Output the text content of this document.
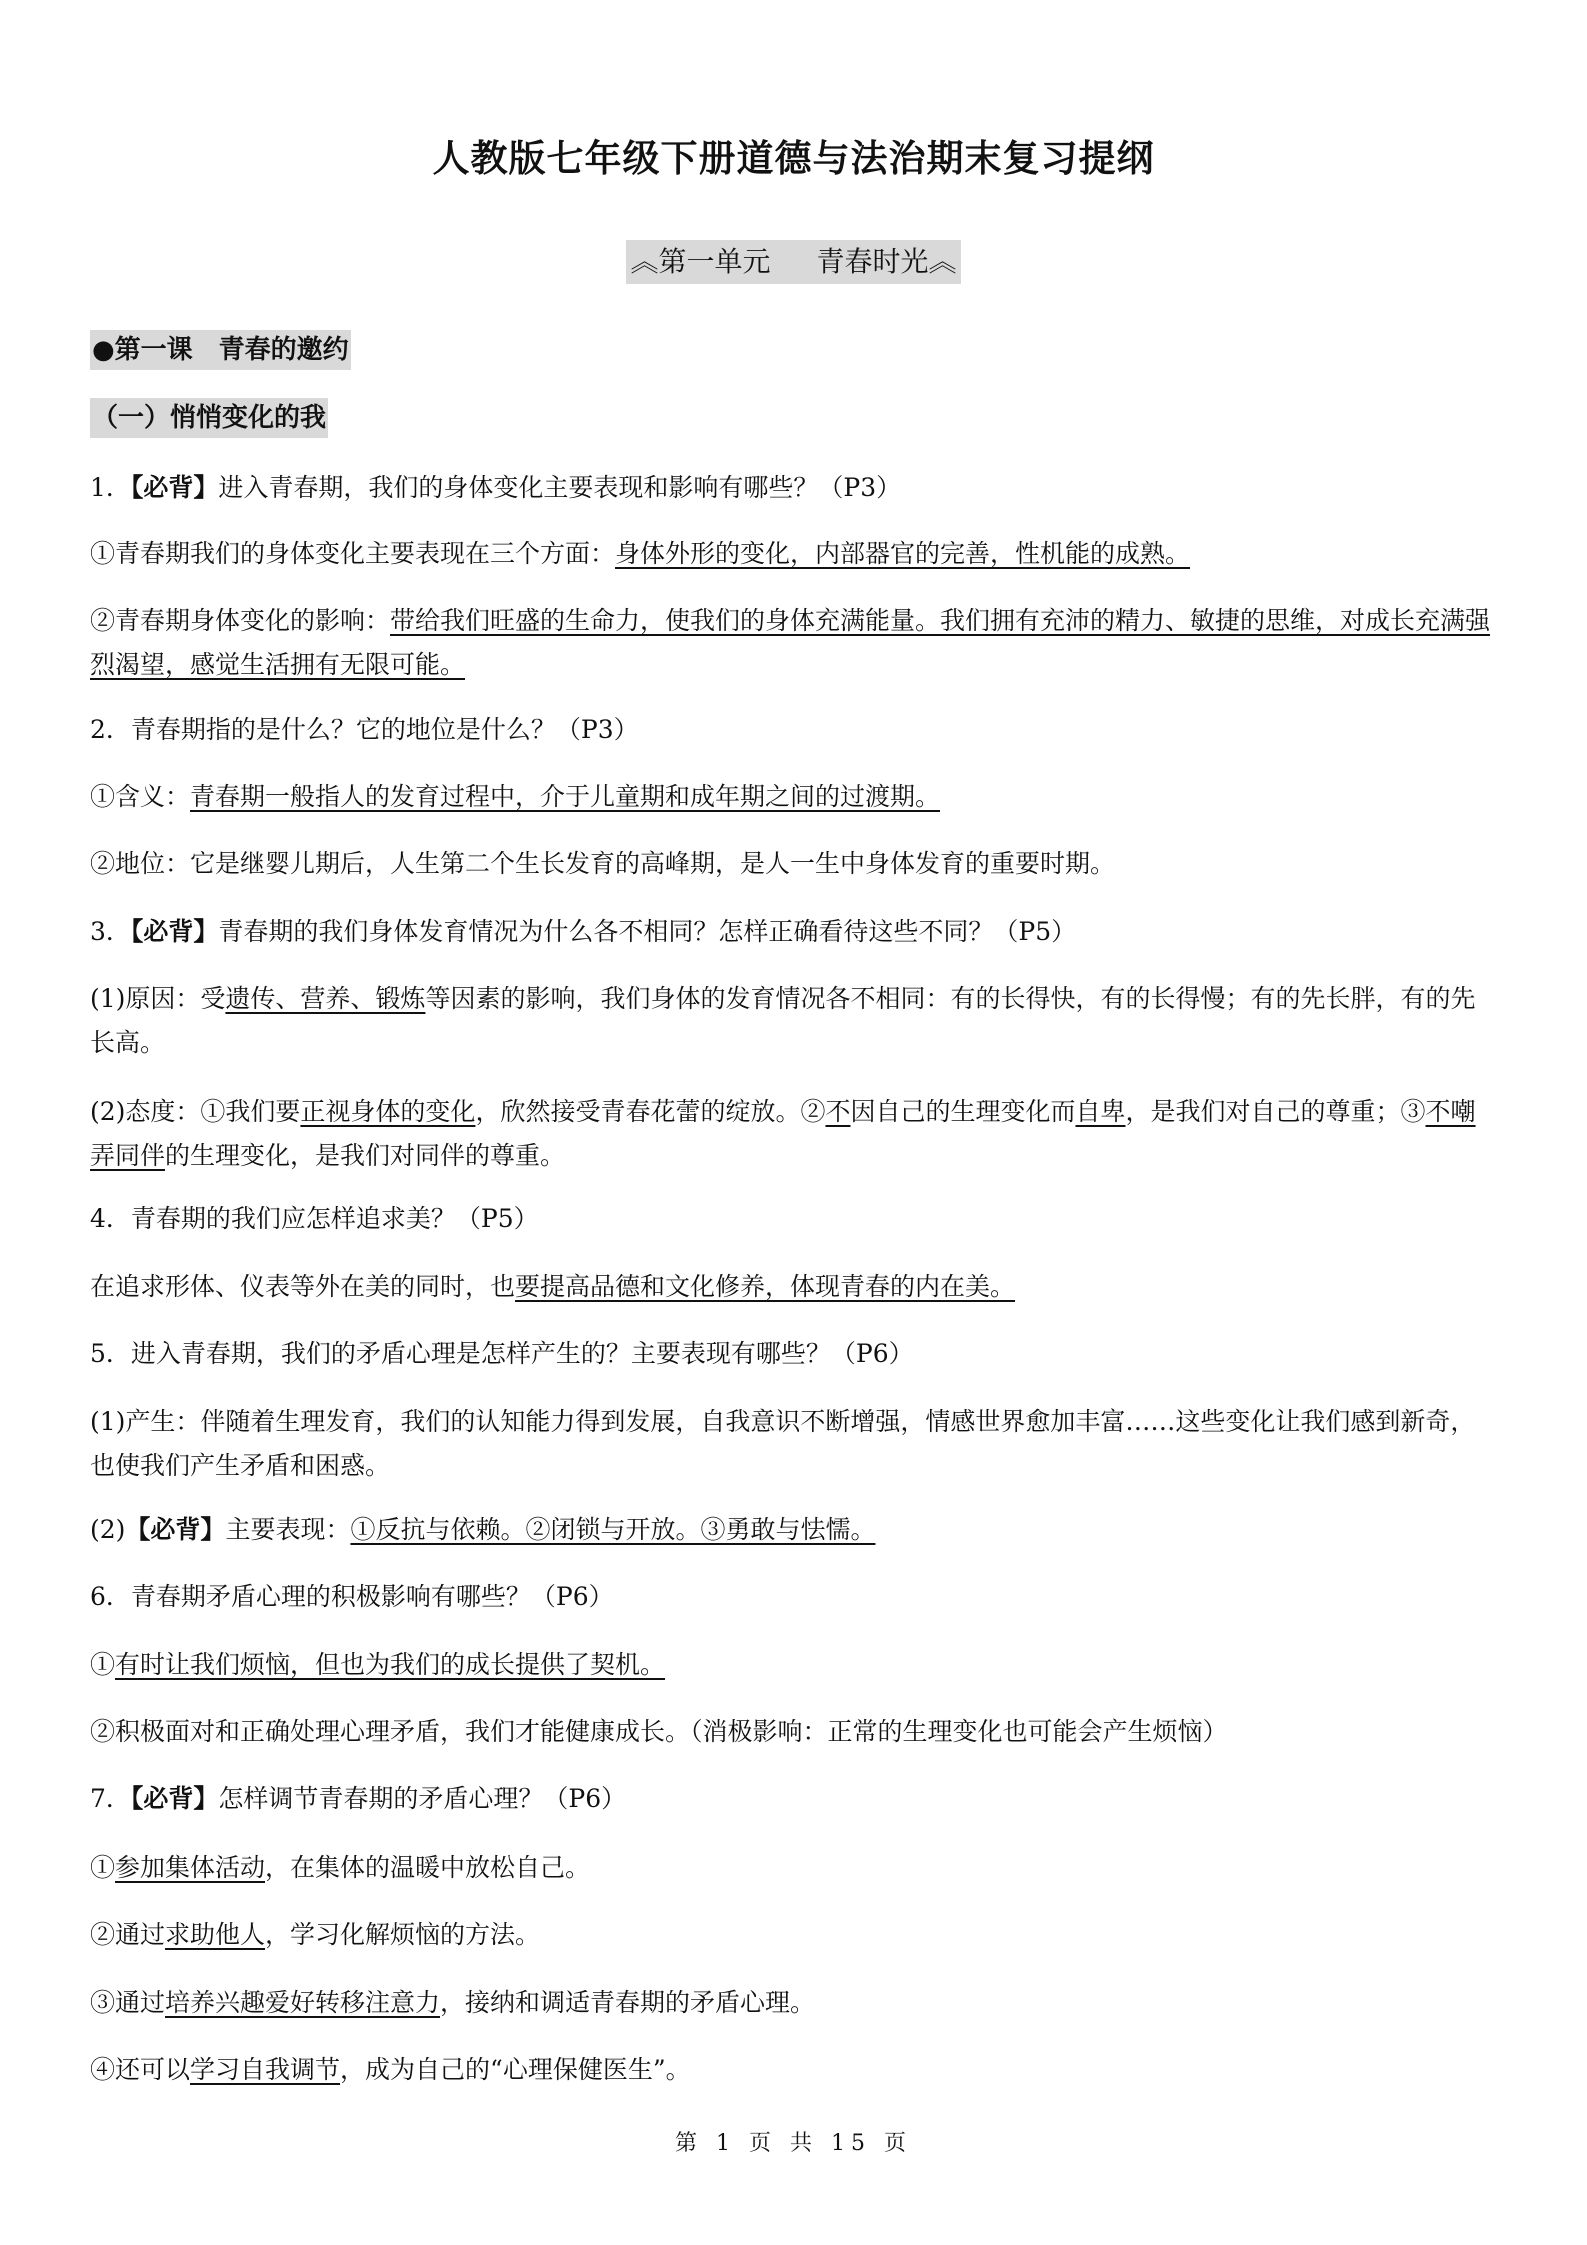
人教版七年级下册道德与法治期末复习提纲
︽第一单元 青春时光︽
●第一课　青春的邀约
（一）悄悄变化的我
1．【必背】进入青春期，我们的身体变化主要表现和影响有哪些？（P3）
①青春期我们的身体变化主要表现在三个方面：身体外形的变化，内部器官的完善，性机能的成熟。
②青春期身体变化的影响：带给我们旺盛的生命力，使我们的身体充满能量。我们拥有充沛的精力、敏捷的思维，对成长充满强烈渴望，感觉生活拥有无限可能。
2．青春期指的是什么？它的地位是什么？（P3）
①含义：青春期一般指人的发育过程中，介于儿童期和成年期之间的过渡期。
②地位：它是继婴儿期后，人生第二个生长发育的高峰期，是人一生中身体发育的重要时期。
3．【必背】青春期的我们身体发育情况为什么各不相同？怎样正确看待这些不同？（P5）
(1)原因：受遗传、营养、锻炼等因素的影响，我们身体的发育情况各不相同：有的长得快，有的长得慢；有的先长胖，有的先长高。
(2)态度：①我们要正视身体的变化，欣然接受青春花蕾的绽放。②不因自己的生理变化而自卑，是我们对自己的尊重；③不嘲弄同伴的生理变化，是我们对同伴的尊重。
4．青春期的我们应怎样追求美？（P5）
在追求形体、仪表等外在美的同时，也要提高品德和文化修养，体现青春的内在美。
5．进入青春期，我们的矛盾心理是怎样产生的？主要表现有哪些？（P6）
(1)产生：伴随着生理发育，我们的认知能力得到发展，自我意识不断增强，情感世界愈加丰富……这些变化让我们感到新奇，也使我们产生矛盾和困惑。
(2)【必背】主要表现：①反抗与依赖。②闭锁与开放。③勇敢与怯懦。
6．青春期矛盾心理的积极影响有哪些？（P6）
①有时让我们烦恼，但也为我们的成长提供了契机。
②积极面对和正确处理心理矛盾，我们才能健康成长。（消极影响：正常的生理变化也可能会产生烦恼）
7．【必背】怎样调节青春期的矛盾心理？（P6）
①参加集体活动，在集体的温暖中放松自己。
②通过求助他人，学习化解烦恼的方法。
③通过培养兴趣爱好转移注意力，接纳和调适青春期的矛盾心理。
④还可以学习自我调节，成为自己的“心理保健医生”。
第 1 页 共 15 页
